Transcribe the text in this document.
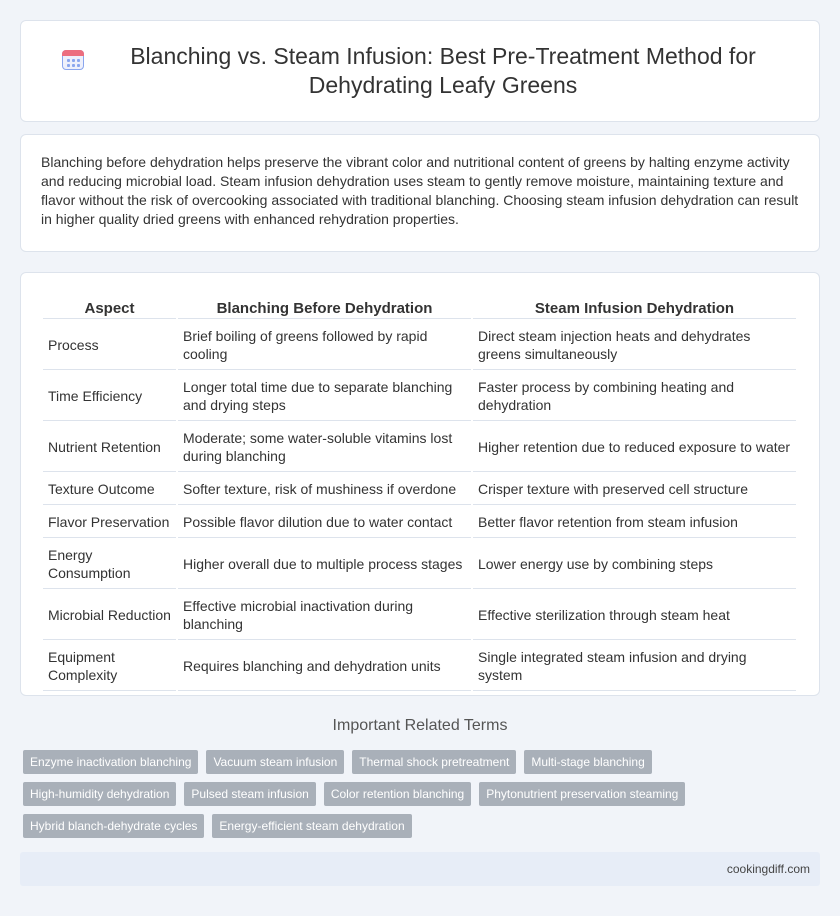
Blanching vs. Steam Infusion: Best Pre-Treatment Method for Dehydrating Leafy Greens

Blanching before dehydration helps preserve the vibrant color and nutritional content of greens by halting enzyme activity and reducing microbial load. Steam infusion dehydration uses steam to gently remove moisture, maintaining texture and flavor without the risk of overcooking associated with traditional blanching. Choosing steam infusion dehydration can result in higher quality dried greens with enhanced rehydration properties.

Aspect	Blanching Before Dehydration	Steam Infusion Dehydration
Process	Brief boiling of greens followed by rapid cooling	Direct steam injection heats and dehydrates greens simultaneously
Time Efficiency	Longer total time due to separate blanching and drying steps	Faster process by combining heating and dehydration
Nutrient Retention	Moderate; some water-soluble vitamins lost during blanching	Higher retention due to reduced exposure to water
Texture Outcome	Softer texture, risk of mushiness if overdone	Crisper texture with preserved cell structure
Flavor Preservation	Possible flavor dilution due to water contact	Better flavor retention from steam infusion
Energy Consumption	Higher overall due to multiple process stages	Lower energy use by combining steps
Microbial Reduction	Effective microbial inactivation during blanching	Effective sterilization through steam heat
Equipment Complexity	Requires blanching and dehydration units	Single integrated steam infusion and drying system
Important Related Terms
Enzyme inactivation blanching	Vacuum steam infusion	Thermal shock pretreatment	Multi-stage blanching
High-humidity dehydration	Pulsed steam infusion	Color retention blanching	Phytonutrient preservation steaming
Hybrid blanch-dehydrate cycles	Energy-efficient steam dehydration
cookingdiff.com
